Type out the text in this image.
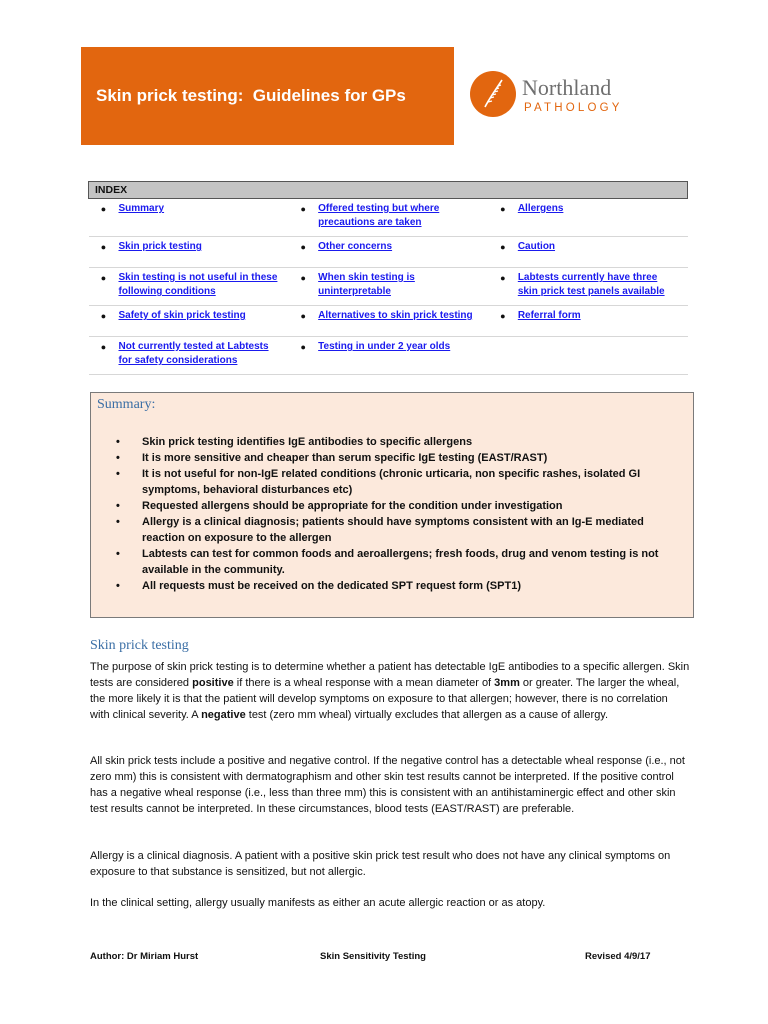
Skin prick testing:  Guidelines for GPs	Northland
PATHOLOGY
INDEX		

● Summary	● Offered testing but where precautions are taken	● Allergens

● Skin prick testing	● Other concerns	● Caution

● Skin testing is not useful in these following conditions	● When skin testing is uninterpretable	● Labtests currently have three skin prick test panels available

● Safety of skin prick testing	● Alternatives to skin prick testing	● Referral form

● Not currently tested at Labtests for safety considerations	● Testing in under 2 year olds	

Summary:
• Skin prick testing identifies IgE antibodies to specific allergens
• It is more sensitive and cheaper than serum specific IgE testing (EAST/RAST)
• It is not useful for non-IgE related conditions (chronic urticaria, non specific rashes, isolated GI symptoms, behavioral disturbances etc)
• Requested allergens should be appropriate for the condition under investigation
• Allergy is a clinical diagnosis; patients should have symptoms consistent with an Ig-E mediated reaction on exposure to the allergen
• Labtests can test for common foods and aeroallergens; fresh foods, drug and venom testing is not available in the community.
• All requests must be received on the dedicated SPT request form (SPT1)
Skin prick testing

The purpose of skin prick testing is to determine whether a patient has detectable IgE antibodies to a specific allergen. Skin tests are considered positive if there is a wheal response with a mean diameter of 3mm or greater. The larger the wheal, the more likely it is that the patient will develop symptoms on exposure to that allergen; however, there is no correlation with clinical severity. A negative test (zero mm wheal) virtually excludes that allergen as a cause of allergy.

All skin prick tests include a positive and negative control. If the negative control has a detectable wheal response (i.e., not zero mm) this is consistent with dermatographism and other skin test results cannot be interpreted. If the positive control has a negative wheal response (i.e., less than three mm) this is consistent with an antihistaminergic effect and other skin test results cannot be interpreted. In these circumstances, blood tests (EAST/RAST) are preferable.

Allergy is a clinical diagnosis. A patient with a positive skin prick test result who does not have any clinical symptoms on exposure to that substance is sensitized, but not allergic.

In the clinical setting, allergy usually manifests as either an acute allergic reaction or as atopy.

Author: Dr Miriam Hurst	Skin Sensitivity Testing	Revised 4/9/17
